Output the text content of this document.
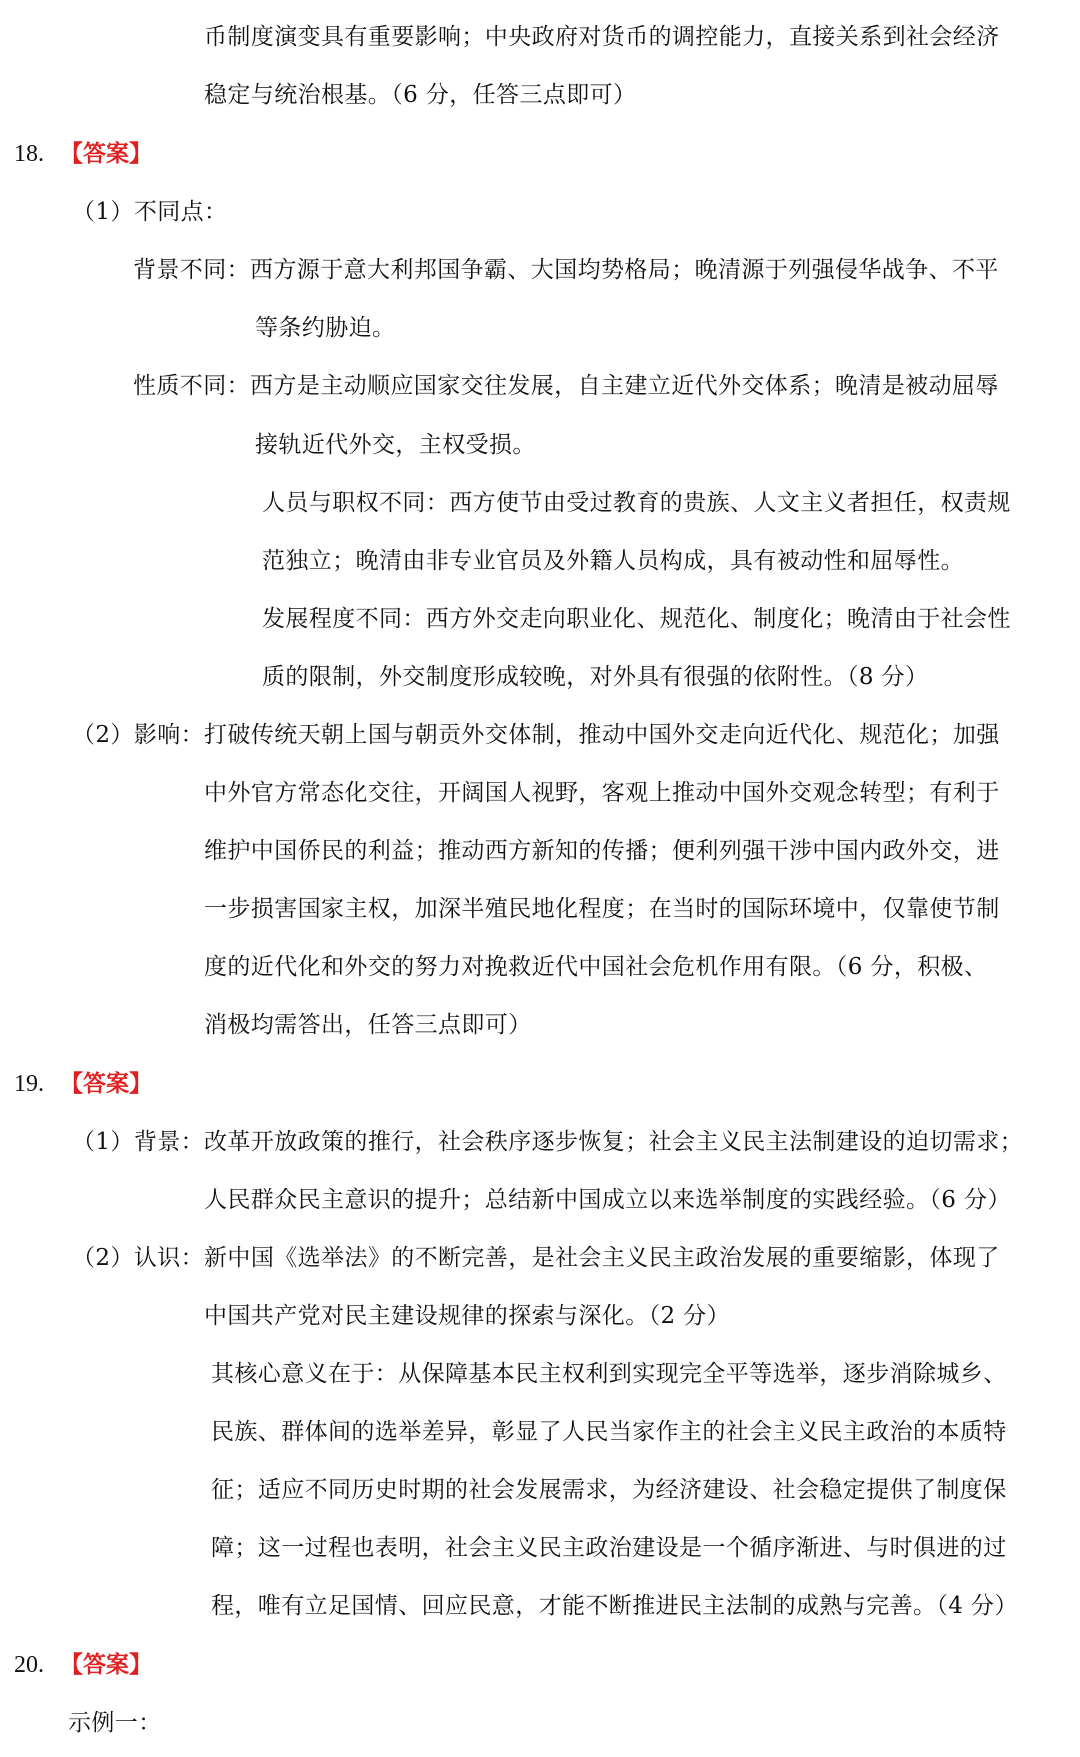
币制度演变具有重要影响；中央政府对货币的调控能力，直接关系到社会经济
稳定与统治根基。（6 分，任答三点即可）
18. 【答案】
（1）不同点：
背景不同：西方源于意大利邦国争霸、大国均势格局；晚清源于列强侵华战争、不平
等条约胁迫。
性质不同：西方是主动顺应国家交往发展，自主建立近代外交体系；晚清是被动屈辱
接轨近代外交，主权受损。
人员与职权不同：西方使节由受过教育的贵族、人文主义者担任，权责规
范独立；晚清由非专业官员及外籍人员构成，具有被动性和屈辱性。
发展程度不同：西方外交走向职业化、规范化、制度化；晚清由于社会性
质的限制，外交制度形成较晚，对外具有很强的依附性。（8 分）
（2）影响：打破传统天朝上国与朝贡外交体制，推动中国外交走向近代化、规范化；加强
中外官方常态化交往，开阔国人视野，客观上推动中国外交观念转型；有利于
维护中国侨民的利益；推动西方新知的传播；便利列强干涉中国内政外交，进
一步损害国家主权，加深半殖民地化程度；在当时的国际环境中，仅靠使节制
度的近代化和外交的努力对挽救近代中国社会危机作用有限。（6 分，积极、
消极均需答出，任答三点即可）
19. 【答案】
（1）背景：改革开放政策的推行，社会秩序逐步恢复；社会主义民主法制建设的迫切需求；
人民群众民主意识的提升；总结新中国成立以来选举制度的实践经验。（6 分）
（2）认识：新中国《选举法》的不断完善，是社会主义民主政治发展的重要缩影，体现了
中国共产党对民主建设规律的探索与深化。（2 分）
其核心意义在于：从保障基本民主权利到实现完全平等选举，逐步消除城乡、
民族、群体间的选举差异，彰显了人民当家作主的社会主义民主政治的本质特
征；适应不同历史时期的社会发展需求，为经济建设、社会稳定提供了制度保
障；这一过程也表明，社会主义民主政治建设是一个循序渐进、与时俱进的过
程，唯有立足国情、回应民意，才能不断推进民主法制的成熟与完善。（4 分）
20. 【答案】
示例一：
